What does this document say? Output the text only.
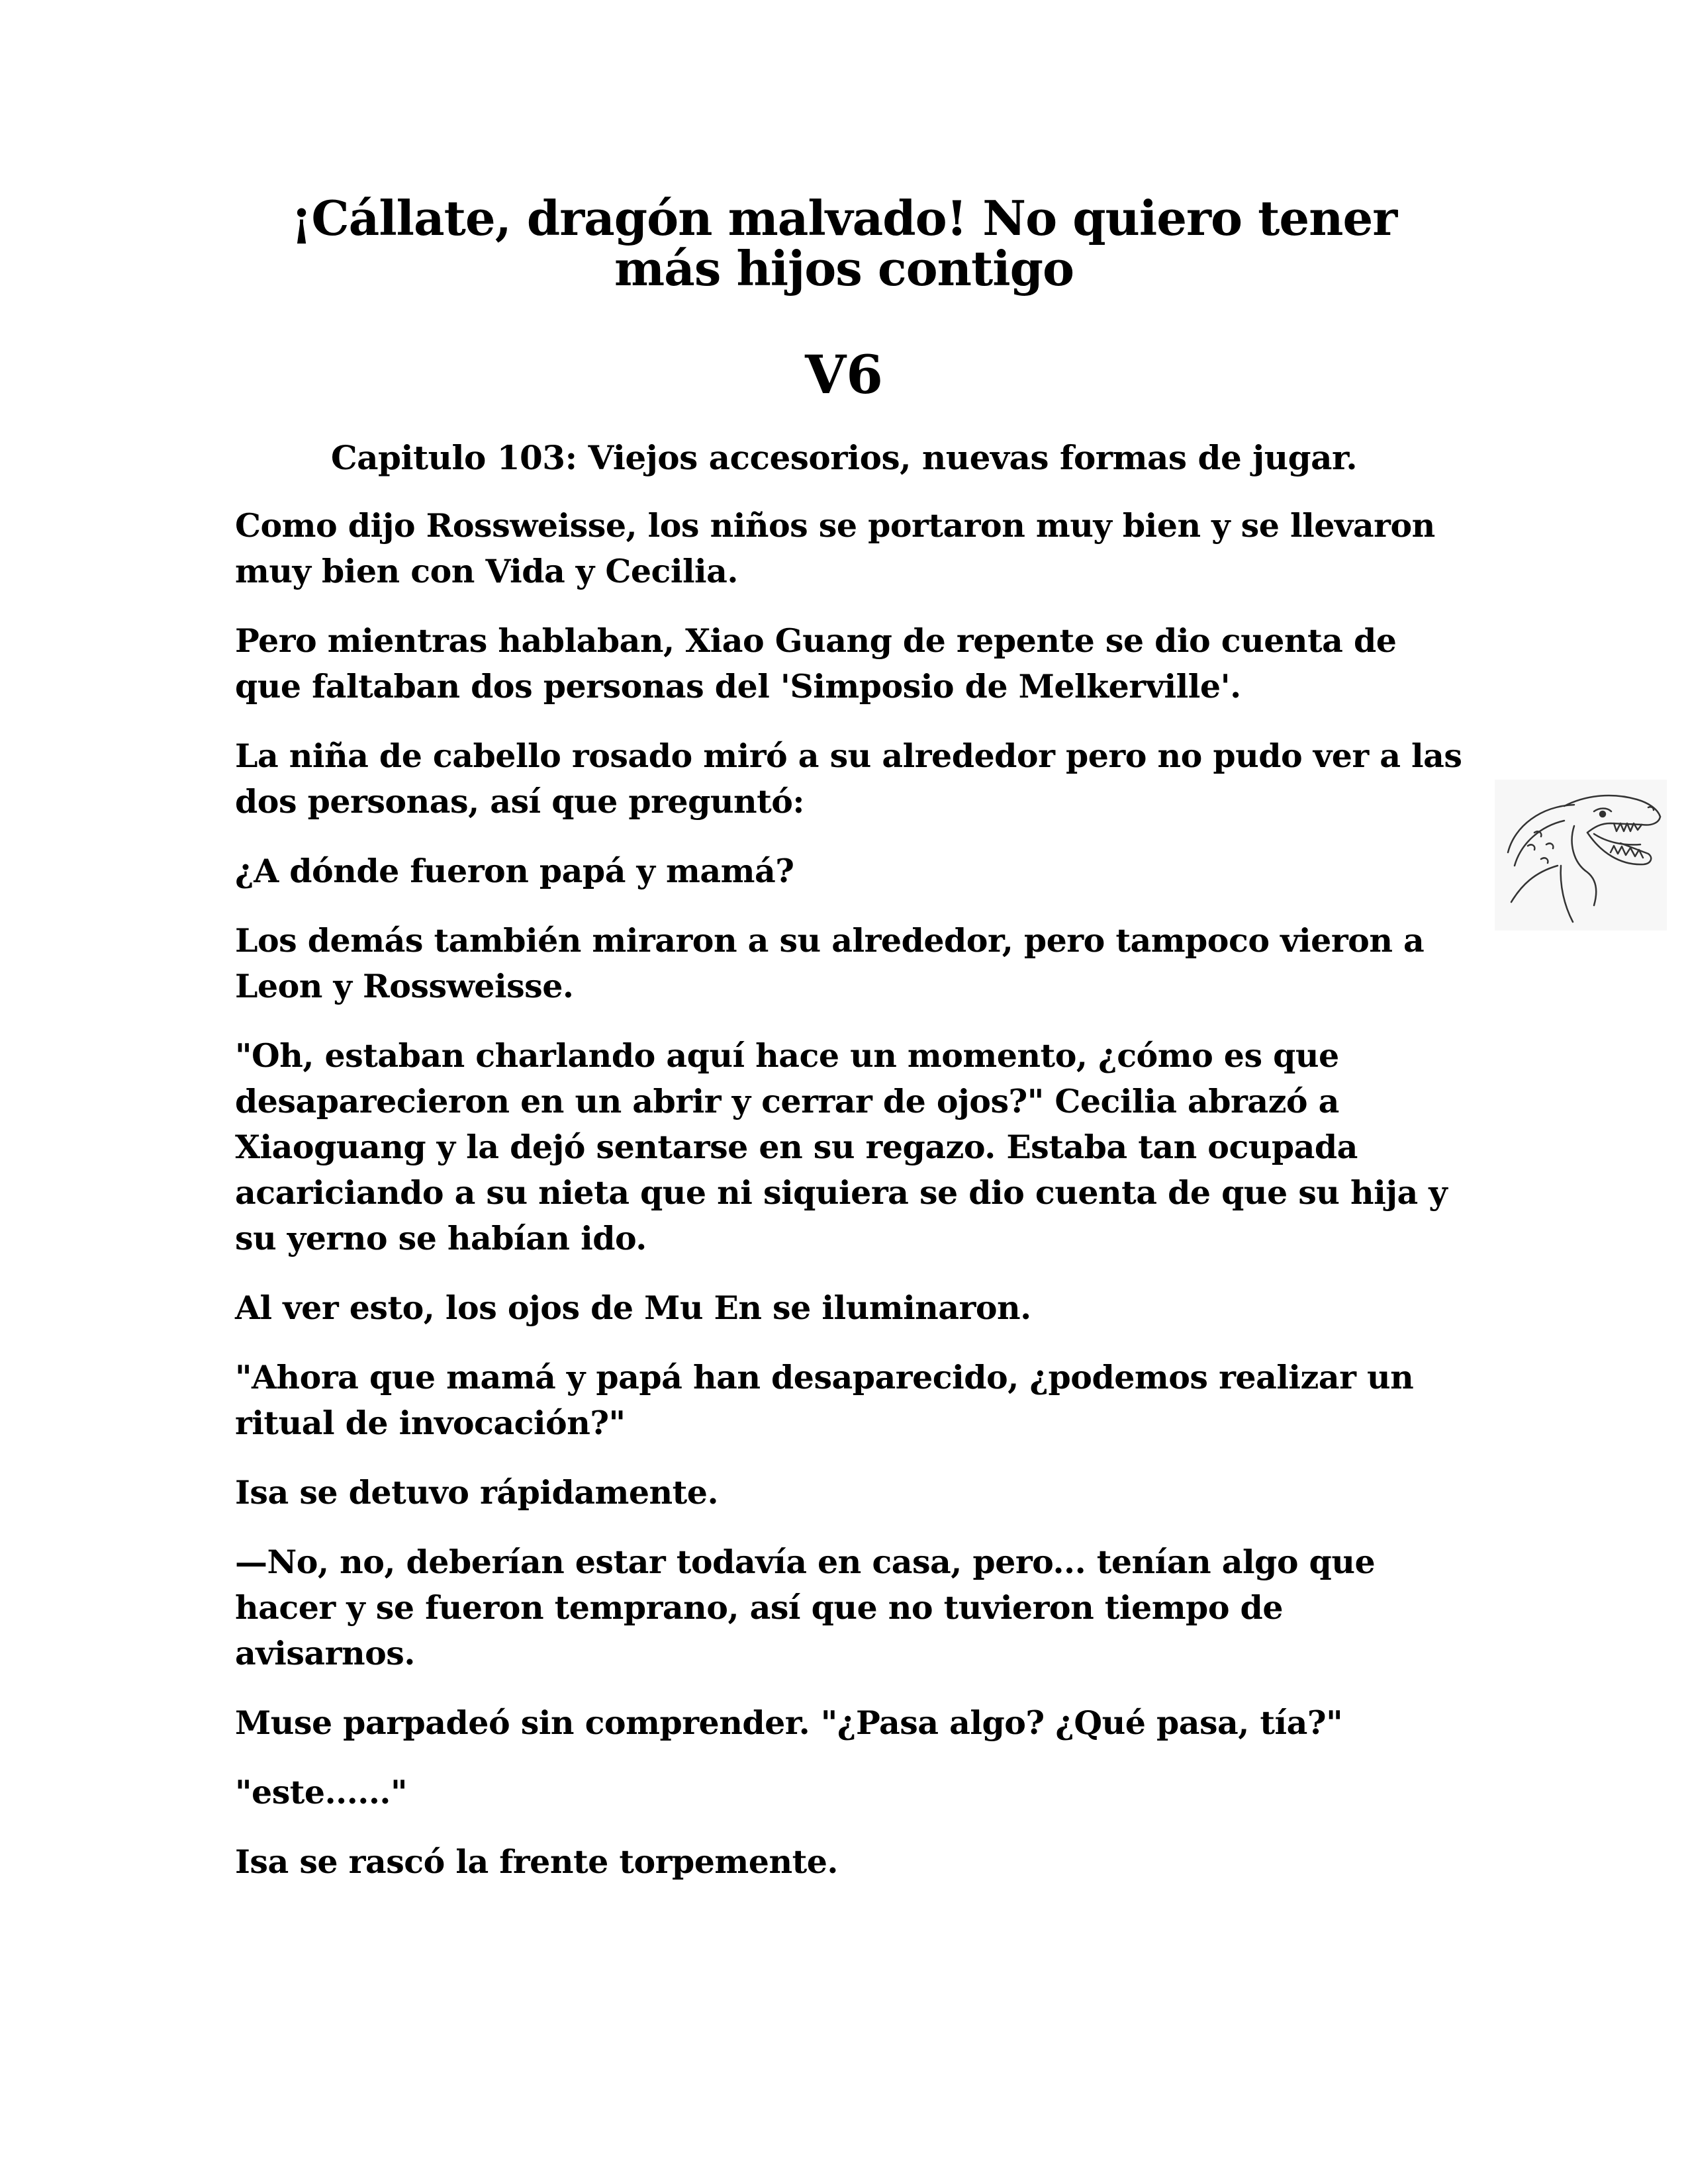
¡Cállate, dragón malvado! No quiero tener
más hijos contigo
V6
Capitulo 103: Viejos accesorios, nuevas formas de jugar.

Como dijo Rossweisse, los niños se portaron muy bien y se llevaron muy bien con Vida y Cecilia.

Pero mientras hablaban, Xiao Guang de repente se dio cuenta de que faltaban dos personas del 'Simposio de Melkerville'.

La niña de cabello rosado miró a su alrededor pero no pudo ver a las dos personas, así que preguntó:

¿A dónde fueron papá y mamá?

Los demás también miraron a su alrededor, pero tampoco vieron a Leon y Rossweisse.

"Oh, estaban charlando aquí hace un momento, ¿cómo es que desaparecieron en un abrir y cerrar de ojos?" Cecilia abrazó a Xiaoguang y la dejó sentarse en su regazo. Estaba tan ocupada acariciando a su nieta que ni siquiera se dio cuenta de que su hija y su yerno se habían ido.

Al ver esto, los ojos de Mu En se iluminaron.

"Ahora que mamá y papá han desaparecido, ¿podemos realizar un ritual de invocación?"

Isa se detuvo rápidamente.

—No, no, deberían estar todavía en casa, pero... tenían algo que hacer y se fueron temprano, así que no tuvieron tiempo de avisarnos.

Muse parpadeó sin comprender. "¿Pasa algo? ¿Qué pasa, tía?"

"este......"

Isa se rascó la frente torpemente.
